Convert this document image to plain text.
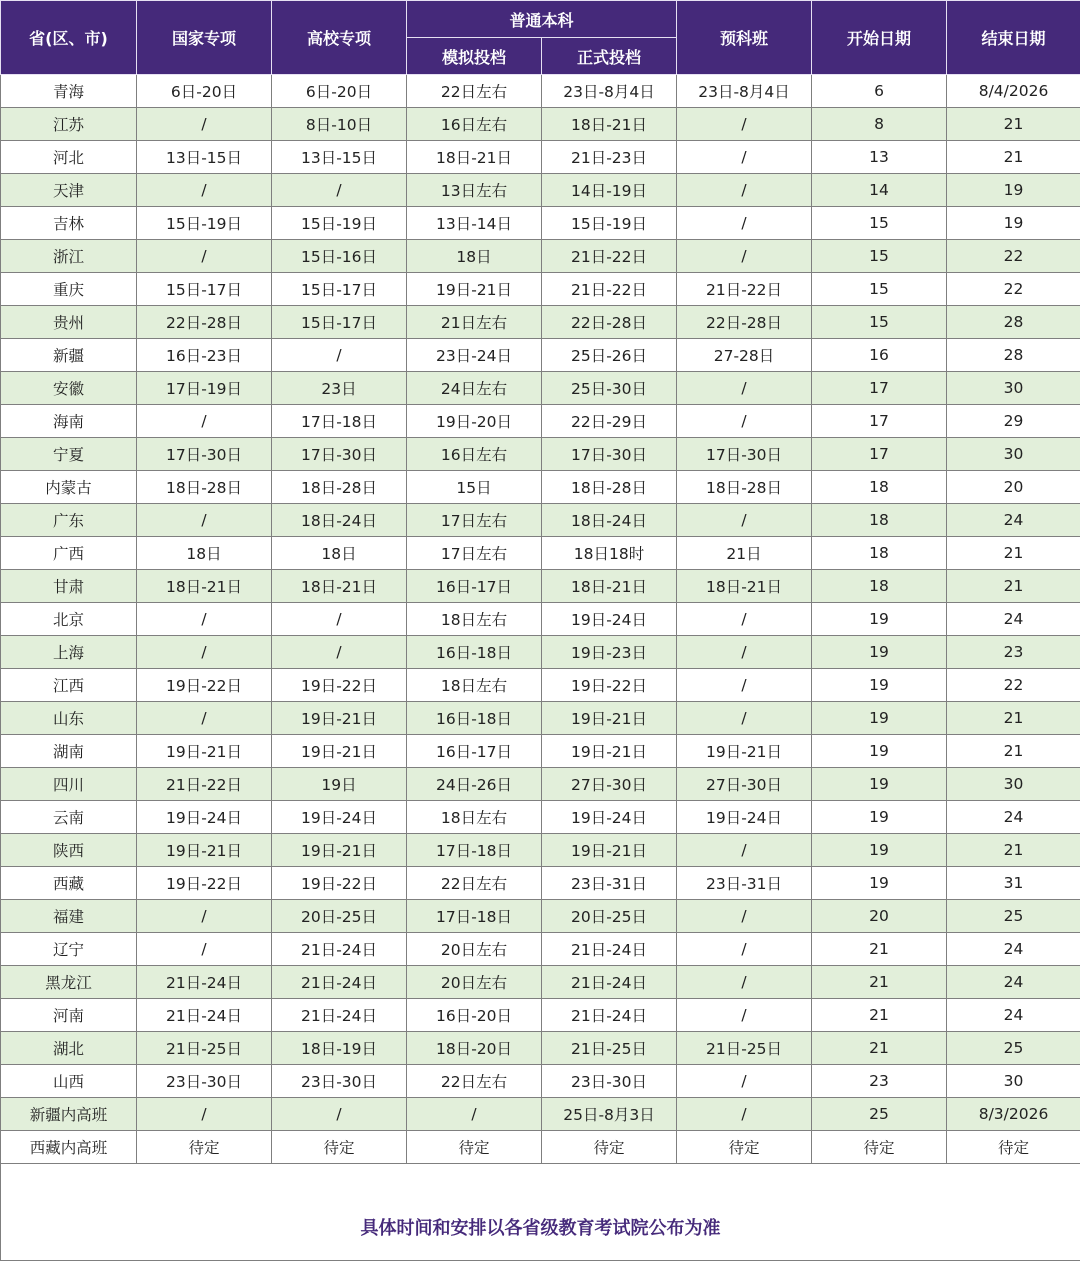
省(区、市)	国家专项	高校专项	普通本科		预科班	开始日期	结束日期
			模拟投档	正式投档			
青海	6日-20日	6日-20日	22日左右	23日-8月4日	23日-8月4日	6	8/4/2026
江苏	/	8日-10日	16日左右	18日-21日	/	8	21
河北	13日-15日	13日-15日	18日-21日	21日-23日	/	13	21
天津	/	/	13日左右	14日-19日	/	14	19
吉林	15日-19日	15日-19日	13日-14日	15日-19日	/	15	19
浙江	/	15日-16日	18日	21日-22日	/	15	22
重庆	15日-17日	15日-17日	19日-21日	21日-22日	21日-22日	15	22
贵州	22日-28日	15日-17日	21日左右	22日-28日	22日-28日	15	28
新疆	16日-23日	/	23日-24日	25日-26日	27-28日	16	28
安徽	17日-19日	23日	24日左右	25日-30日	/	17	30
海南	/	17日-18日	19日-20日	22日-29日	/	17	29
宁夏	17日-30日	17日-30日	16日左右	17日-30日	17日-30日	17	30
内蒙古	18日-28日	18日-28日	15日	18日-28日	18日-28日	18	20
广东	/	18日-24日	17日左右	18日-24日	/	18	24
广西	18日	18日	17日左右	18日18时	21日	18	21
甘肃	18日-21日	18日-21日	16日-17日	18日-21日	18日-21日	18	21
北京	/	/	18日左右	19日-24日	/	19	24
上海	/	/	16日-18日	19日-23日	/	19	23
江西	19日-22日	19日-22日	18日左右	19日-22日	/	19	22
山东	/	19日-21日	16日-18日	19日-21日	/	19	21
湖南	19日-21日	19日-21日	16日-17日	19日-21日	19日-21日	19	21
四川	21日-22日	19日	24日-26日	27日-30日	27日-30日	19	30
云南	19日-24日	19日-24日	18日左右	19日-24日	19日-24日	19	24
陕西	19日-21日	19日-21日	17日-18日	19日-21日	/	19	21
西藏	19日-22日	19日-22日	22日左右	23日-31日	23日-31日	19	31
福建	/	20日-25日	17日-18日	20日-25日	/	20	25
辽宁	/	21日-24日	20日左右	21日-24日	/	21	24
黑龙江	21日-24日	21日-24日	20日左右	21日-24日	/	21	24
河南	21日-24日	21日-24日	16日-20日	21日-24日	/	21	24
湖北	21日-25日	18日-19日	18日-20日	21日-25日	21日-25日	21	25
山西	23日-30日	23日-30日	22日左右	23日-30日	/	23	30
新疆内高班	/	/	/	25日-8月3日	/	25	8/3/2026
西藏内高班	待定	待定	待定	待定	待定	待定	待定
具体时间和安排以各省级教育考试院公布为准							
